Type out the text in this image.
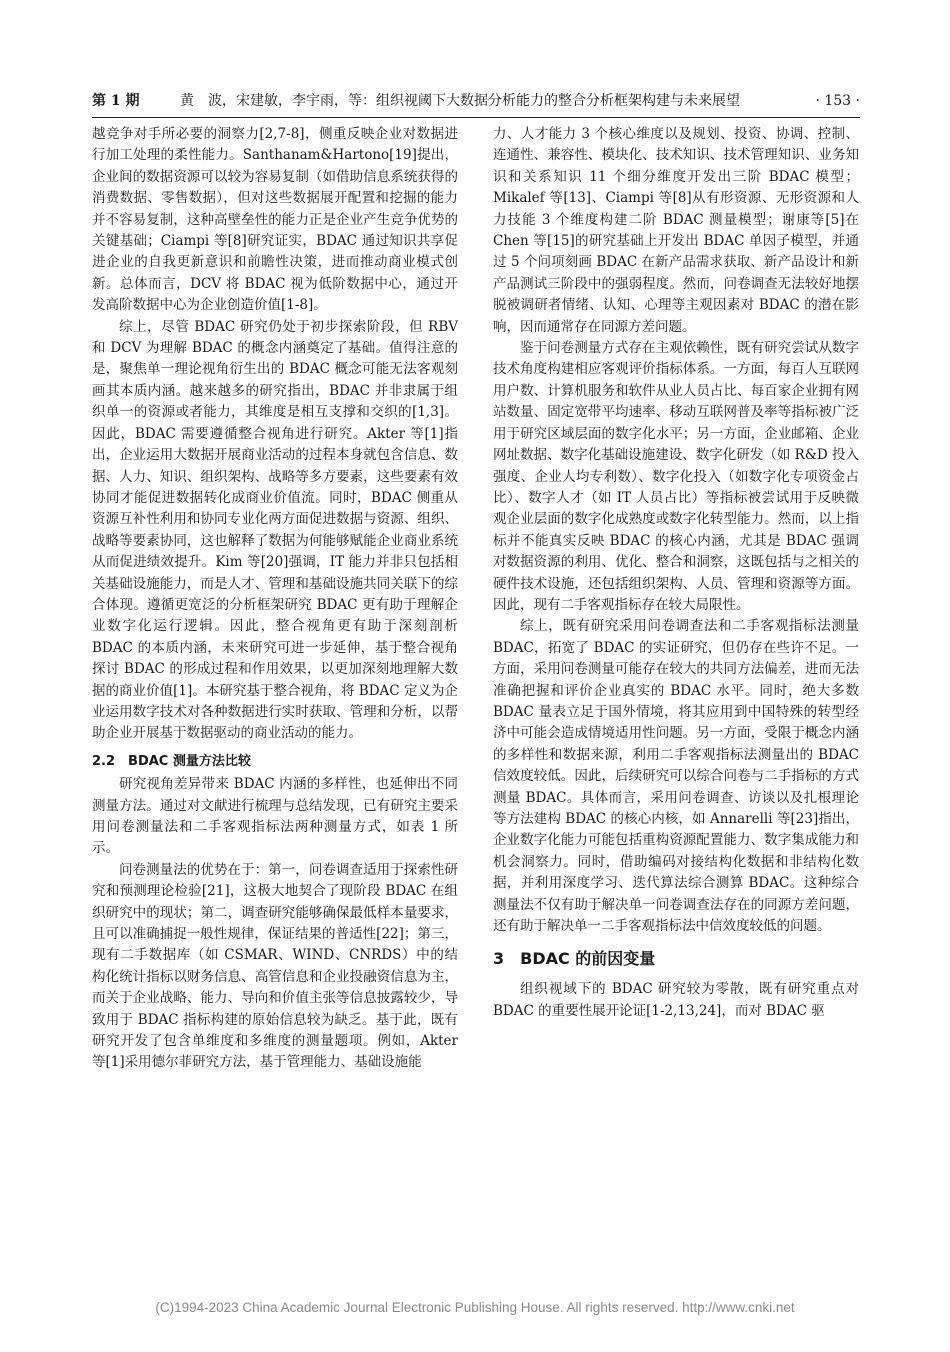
第 1 期	黄　波，宋建敏，李宇雨，等：组织视阈下大数据分析能力的整合分析框架构建与未来展望	· 153 ·

越竞争对手所必要的洞察力[2,7-8]，侧重反映企业对数据进行加工处理的柔性能力。Santhanam&Hartono[19]提出，企业间的数据资源可以较为容易复制（如借助信息系统获得的消费数据、零售数据），但对这些数据展开配置和挖掘的能力并不容易复制，这种高壁垒性的能力正是企业产生竞争优势的关键基础；Ciampi 等[8]研究证实，BDAC 通过知识共享促进企业的自我更新意识和前瞻性决策，进而推动商业模式创新。总体而言，DCV 将 BDAC 视为低阶数据中心，通过开发高阶数据中心为企业创造价值[1-8]。

综上，尽管 BDAC 研究仍处于初步探索阶段，但 RBV 和 DCV 为理解 BDAC 的概念内涵奠定了基础。值得注意的是，聚焦单一理论视角衍生出的 BDAC 概念可能无法客观刻画其本质内涵。越来越多的研究指出，BDAC 并非隶属于组织单一的资源或者能力，其维度是相互支撑和交织的[1,3]。因此，BDAC 需要遵循整合视角进行研究。Akter 等[1]指出，企业运用大数据开展商业活动的过程本身就包含信息、数据、人力、知识、组织架构、战略等多方要素，这些要素有效协同才能促进数据转化成商业价值流。同时，BDAC 侧重从资源互补性利用和协同专业化两方面促进数据与资源、组织、战略等要素协同，这也解释了数据为何能够赋能企业商业系统从而促进绩效提升。Kim 等[20]强调，IT 能力并非只包括相关基础设施能力，而是人才、管理和基础设施共同关联下的综合体现。遵循更宽泛的分析框架研究 BDAC 更有助于理解企业数字化运行逻辑。因此，整合视角更有助于深刻剖析 BDAC 的本质内涵，未来研究可进一步延伸，基于整合视角探讨 BDAC 的形成过程和作用效果，以更加深刻地理解大数据的商业价值[1]。本研究基于整合视角，将 BDAC 定义为企业运用数字技术对各种数据进行实时获取、管理和分析，以帮助企业开展基于数据驱动的商业活动的能力。

2.2　BDAC 测量方法比较

研究视角差异带来 BDAC 内涵的多样性，也延伸出不同测量方法。通过对文献进行梳理与总结发现，已有研究主要采用问卷测量法和二手客观指标法两种测量方式，如表 1 所示。

问卷测量法的优势在于：第一，问卷调查适用于探索性研究和预测理论检验[21]，这极大地契合了现阶段 BDAC 在组织研究中的现状；第二，调查研究能够确保最低样本量要求，且可以准确捕捉一般性规律，保证结果的普适性[22]；第三，现有二手数据库（如 CSMAR、WIND、CNRDS）中的结构化统计指标以财务信息、高管信息和企业投融资信息为主，而关于企业战略、能力、导向和价值主张等信息披露较少，导致用于 BDAC 指标构建的原始信息较为缺乏。基于此，既有研究开发了包含单维度和多维度的测量题项。例如，Akter 等[1]采用德尔菲研究方法，基于管理能力、基础设施能

力、人才能力 3 个核心维度以及规划、投资、协调、控制、连通性、兼容性、模块化、技术知识、技术管理知识、业务知识和关系知识 11 个细分维度开发出三阶 BDAC 模型；Mikalef 等[13]、Ciampi 等[8]从有形资源、无形资源和人力技能 3 个维度构建二阶 BDAC 测量模型；谢康等[5]在 Chen 等[15]的研究基础上开发出 BDAC 单因子模型，并通过 5 个问项刻画 BDAC 在新产品需求获取、新产品设计和新产品测试三阶段中的强弱程度。然而，问卷调查无法较好地摆脱被调研者情绪、认知、心理等主观因素对 BDAC 的潜在影响，因而通常存在同源方差问题。

鉴于问卷测量方式存在主观依赖性，既有研究尝试从数字技术角度构建相应客观评价指标体系。一方面，每百人互联网用户数、计算机服务和软件从业人员占比、每百家企业拥有网站数量、固定宽带平均速率、移动互联网普及率等指标被广泛用于研究区域层面的数字化水平；另一方面，企业邮箱、企业网址数据、数字化基础设施建设、数字化研发（如 R&D 投入强度、企业人均专利数）、数字化投入（如数字化专项资金占比）、数字人才（如 IT 人员占比）等指标被尝试用于反映微观企业层面的数字化成熟度或数字化转型能力。然而，以上指标并不能真实反映 BDAC 的核心内涵，尤其是 BDAC 强调对数据资源的利用、优化、整合和洞察，这既包括与之相关的硬件技术设施，还包括组织架构、人员、管理和资源等方面。因此，现有二手客观指标存在较大局限性。

综上，既有研究采用问卷调查法和二手客观指标法测量 BDAC，拓宽了 BDAC 的实证研究，但仍存在些许不足。一方面，采用问卷测量可能存在较大的共同方法偏差，进而无法准确把握和评价企业真实的 BDAC 水平。同时，绝大多数 BDAC 量表立足于国外情境，将其应用到中国特殊的转型经济中可能会造成情境适用性问题。另一方面，受限于概念内涵的多样性和数据来源，利用二手客观指标法测量出的 BDAC 信效度较低。因此，后续研究可以综合问卷与二手指标的方式测量 BDAC。具体而言，采用问卷调查、访谈以及扎根理论等方法建构 BDAC 的核心内核，如 Annarelli 等[23]指出，企业数字化能力可能包括重构资源配置能力、数字集成能力和机会洞察力。同时，借助编码对接结构化数据和非结构化数据，并利用深度学习、迭代算法综合测算 BDAC。这种综合测量法不仅有助于解决单一问卷调查法存在的同源方差问题，还有助于解决单一二手客观指标法中信效度较低的问题。

3　BDAC 的前因变量

组织视域下的 BDAC 研究较为零散，既有研究重点对 BDAC 的重要性展开论证[1-2,13,24]，而对 BDAC 驱

(C)1994-2023 China Academic Journal Electronic Publishing House. All rights reserved. http://www.cnki.net
